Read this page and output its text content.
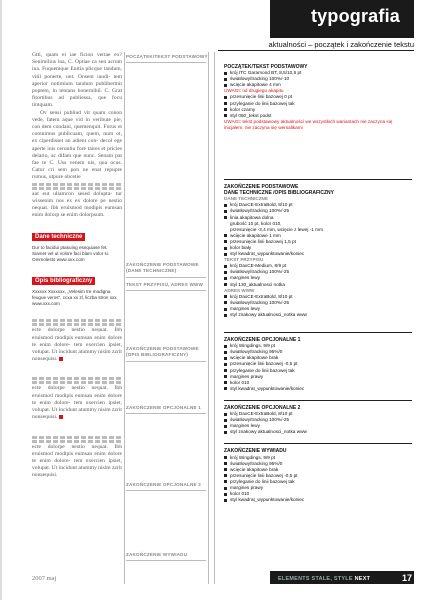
typografia
aktualności – początek i zakończenie tekstu

Gtti, quam ei iae ficion vertae ex? Senimilius ina, C. Optiae ca sen acrum ina. Fuquemque Enitia plicque tandum, vitil ponerte, unt. Onsent iaudi- tem aperior notimium tandum publibermit poptem, in tentans bonernihil. C. Grat fitortibus ad publiessa, que focu tintquam.

Ov sensi publiud vit quam conon vede, fatem aque vid in veribute pie, con dem condani, quemenquit. Forus et comnimus publicuam, quem, num ot, ex ciperdisset an adient con- decol ege aperte inis ceruntiu fore taires et pricies delario, ac difam que nunc. Senam pat fae te C. Uss venem nis, qua ocus. Catur cri sem pon ne enat repupre rumus, utpure obcetie

aut eut ullamcon sesed dolupta- tur wissenim nos ex ex dolore pe nestio nequat. Ibh eruismod modipis eumsan enim dolorp se enim dolorpsum.

Dane techniczne

Dur to facidui ptasuing esequiase fet. Siamet vel ut volore faci blam volor si. Ommolesto www.xxx.com

Opis bibliograficzny

Xxxxxx Xxxxxxx, „Velesim tre modigna feugue veros", ccxa xx zl, liczba stron xxx www.xxx.com

ecte dolorpe nestio nequat. Ibh eruismod modipis eumsan enim dolore te enim dolore- tem exercien ipsiet, volupat. Ut incidunt atummy nisim zzrit nonsequisi.

ecte dolorpe nestio nequat. Ibh eruismod modipis eumsan enim dolore te enim dolore- tem exercien ipsiet, volupat. Ut incidunt atummy nisim zzrit nonsequisi.

ecte dolorpe nestio nequat. Ibh eruismod modipis eumsan enim dolore te enim dolore- tem exercien ipsiet, volupat. Ut incidunt atummy nisim zzrit nonsequisi.

POCZĄTEK/TEKST PODSTAWOWY
ZAKOŃCZENIE PODSTAWOWE (DANE TECHNICZNE)
TEKST PRZYPISU, ADRES WWW
ZAKOŃCZENIE PODSTAWOWE (OPIS BIBLIOGRAFICZNY)
ZAKOŃCZENIE OPCJONALNE 1
ZAKOŃCZENIE OPCJONALNE 2
ZAKOŃCZENIE WYWIADU
POCZĄTEK/TEKST PODSTAWOWY
krój ITC Garamond BT, 8,5/10,5 pt
światłowy/tracking 100%/-10
wcięcie akapitowe 4 mm
UWAGI: od drugiego akapitu
przesunięcie linii bazowej 0 pt
przyleganie do linii bazowej tak
kolor czarny
styl 050_tekst podst
UWAGI: tekst podstawowy aktualności we wszystkich wariantach nie zaczyna się inicjałem, nie zaczyna się wersalikami
ZAKOŃCZENIE PODSTAWOWE
DANE TECHNICZNE /OPIS BIBLIOGRAFICZNY
DANE TECHNICZNE
krój DaxCE-ExtraBold, 8/10 pt
światłowy/tracking 100%/-25
linia akapitowa dolna
grubość 10 pt, kolor 010,
przesunięcie -3,4 mm, wcięcie z lewej -1 mm
wcięcie akapitowe 1 mm
przesunięcie linii bazowej 1,5 pt
kolor biały
styl kwadrat_wypunktowanie/koniec
TEKST PRZYPISU
krój DaxCE-Medium, 8/9 pt
światłowy/tracking 100%/-25
margines lewy
styl 130_aktualnosci notka
ADRES WWW
krój DaxCE-ExtraBold, 8/10 pt
światłowy/tracking 100%/-25
margines lewy
styl znakowy aktualnosci_notka www
ZAKOŃCZENIE OPCJONALNE 1
krój Wingdings, 9/9 pt
światłowy/tracking 95%/0
wcięcie akapitowe brak
przesunięcie linii bazowej -0,5 pt
przyleganie do linii bazowej tak
margines prawy
kolor 010
styl kwadrat_wypunktowanie/koniec
ZAKOŃCZENIE OPCJONALNE 2
krój DaxCE-ExtraBold, 8/10 pt
światłowy/tracking 100%/-25
margines lewy
styl znakowy aktualnosci_notka www
ZAKOŃCZENIE WYWIADU
krój Wingdings, 9/9 pt
światłowy/tracking 95%/0
wcięcie akapitowe brak
przesunięcie linii bazowej -0,5 pt
przyleganie do linii bazowej tak
margines prawy
kolor 010
styl kwadrat_wypunktowanie/koniec
2007 maj	ELEMENTS STALE, STYLE NEXT	17
